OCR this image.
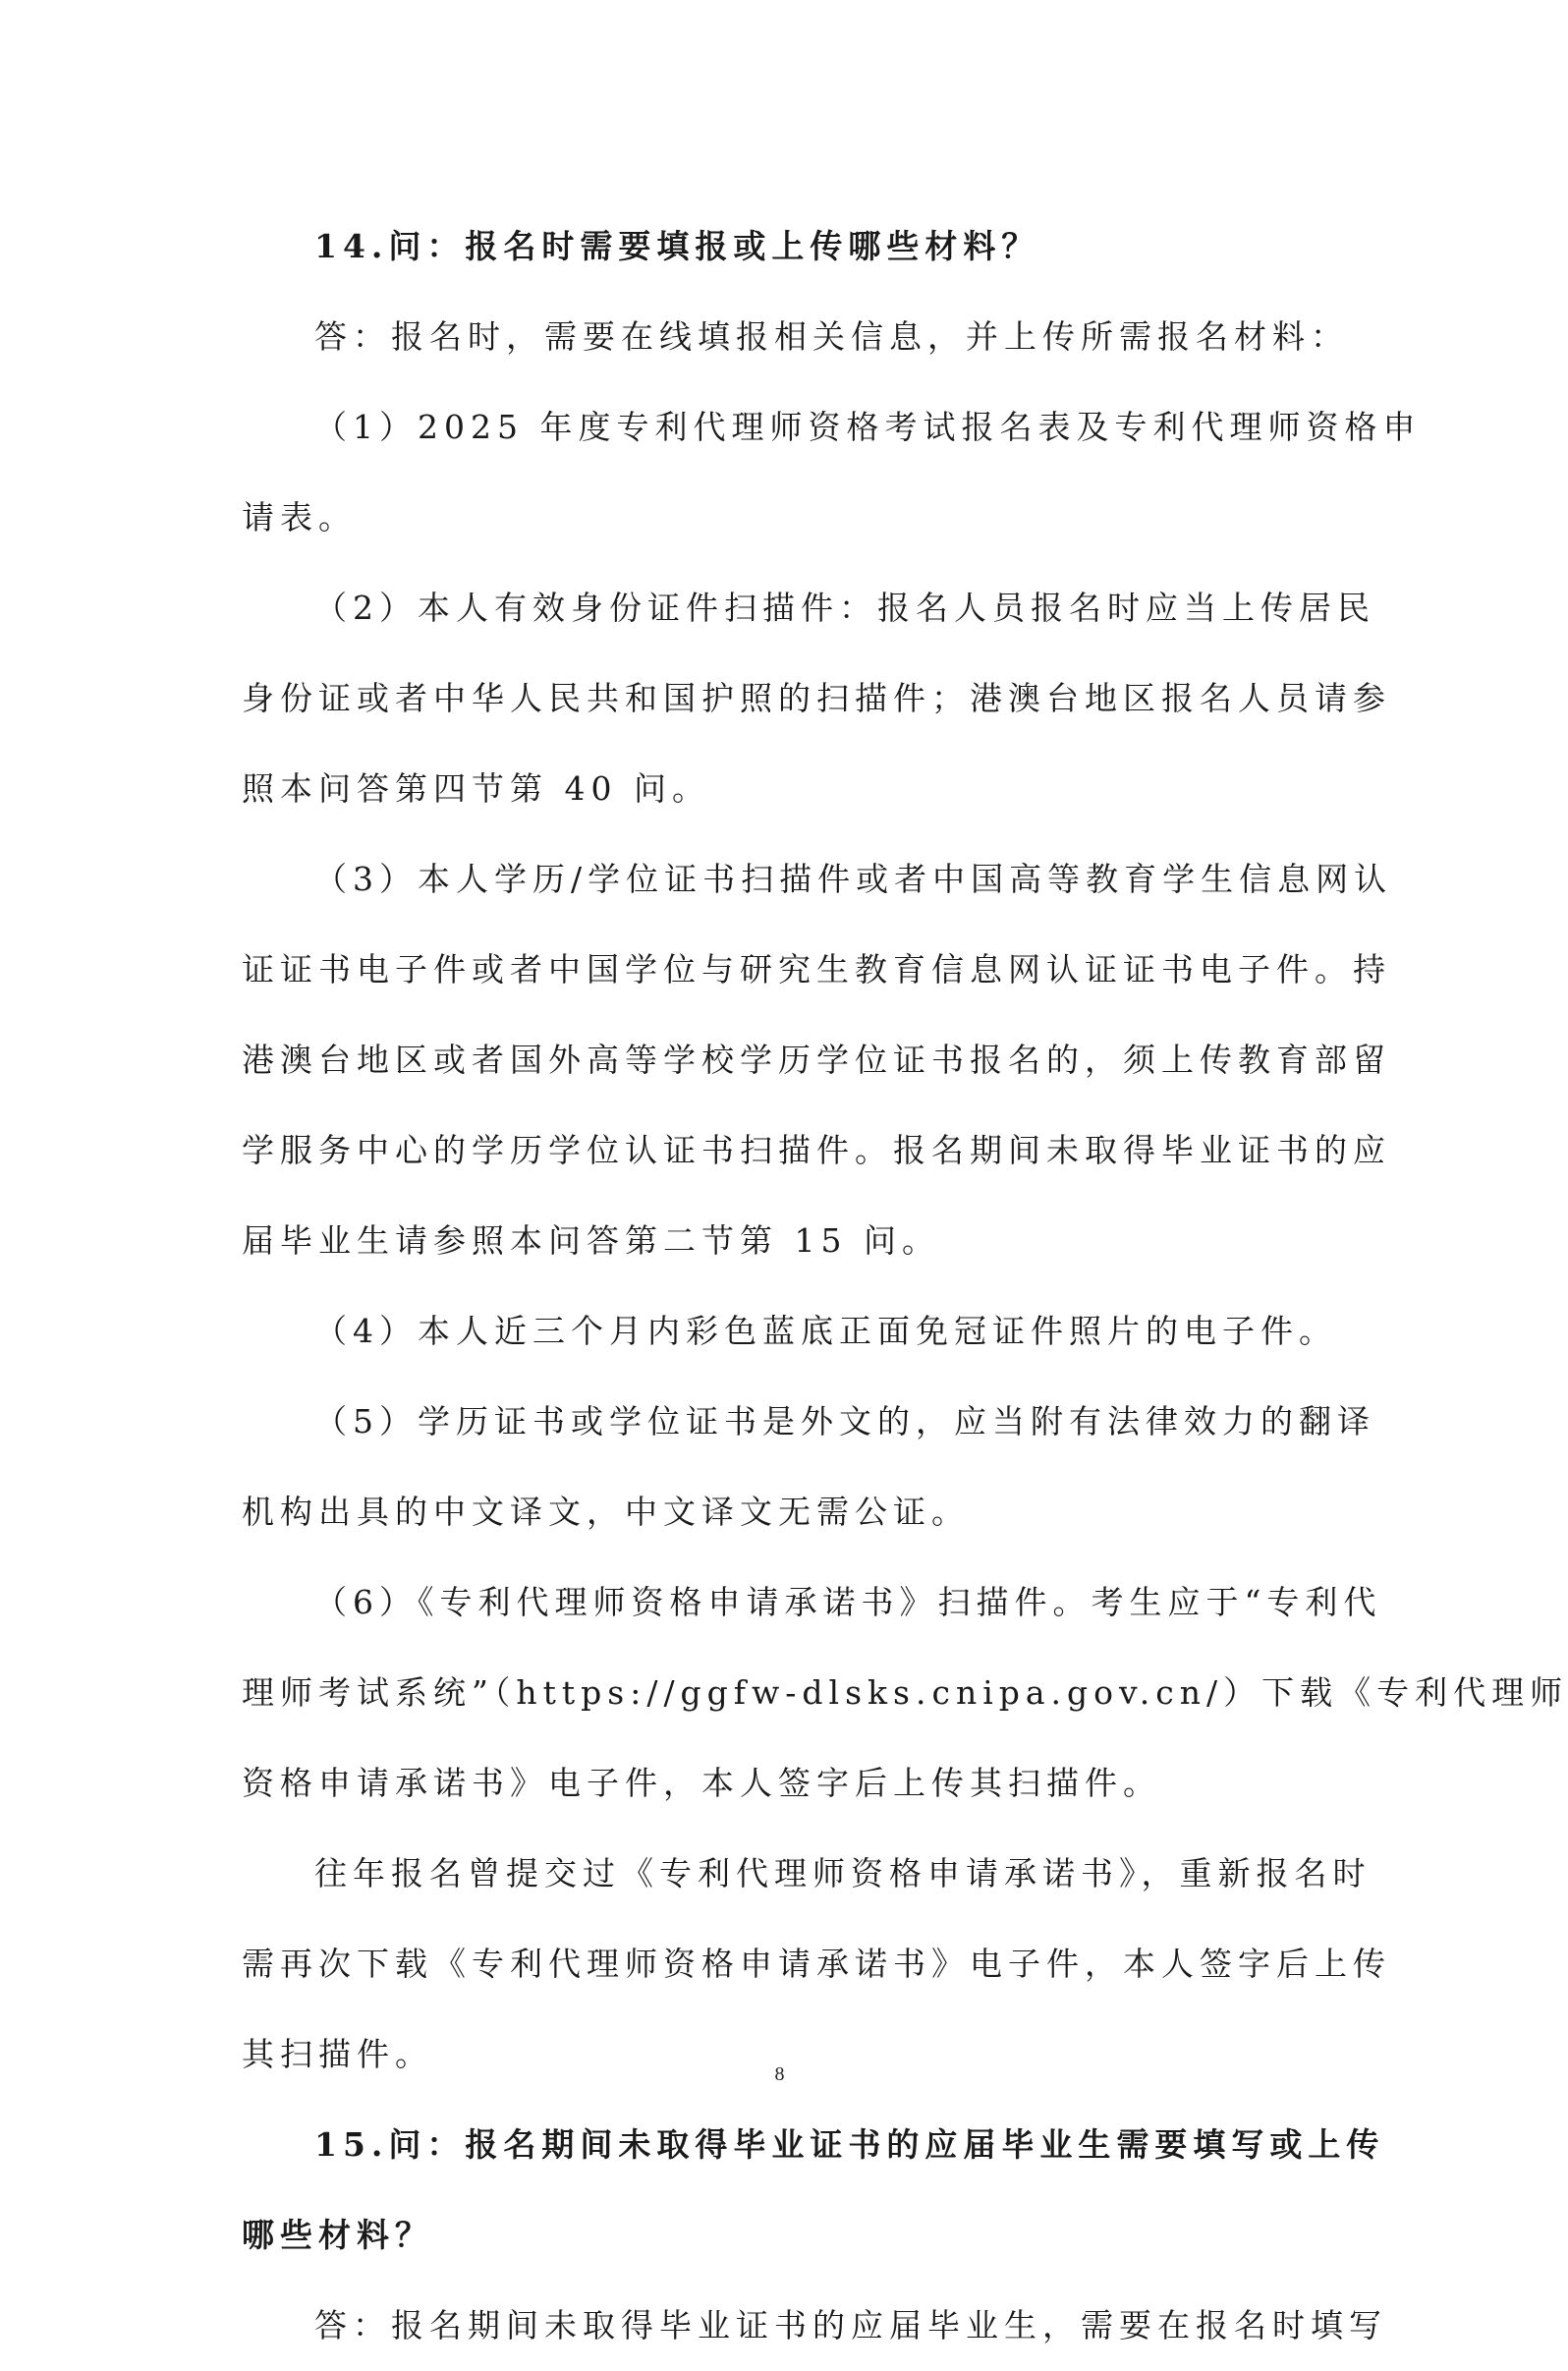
14.问：报名时需要填报或上传哪些材料？
答：报名时，需要在线填报相关信息，并上传所需报名材料：
（1）2025 年度专利代理师资格考试报名表及专利代理师资格申
请表。
（2）本人有效身份证件扫描件：报名人员报名时应当上传居民
身份证或者中华人民共和国护照的扫描件；港澳台地区报名人员请参
照本问答第四节第 40 问。
（3）本人学历/学位证书扫描件或者中国高等教育学生信息网认
证证书电子件或者中国学位与研究生教育信息网认证证书电子件。持
港澳台地区或者国外高等学校学历学位证书报名的，须上传教育部留
学服务中心的学历学位认证书扫描件。报名期间未取得毕业证书的应
届毕业生请参照本问答第二节第 15 问。
（4）本人近三个月内彩色蓝底正面免冠证件照片的电子件。
（5）学历证书或学位证书是外文的，应当附有法律效力的翻译
机构出具的中文译文，中文译文无需公证。
（6）《专利代理师资格申请承诺书》扫描件。考生应于“专利代
理师考试系统”（https://ggfw-dlsks.cnipa.gov.cn/）下载《专利代理师
资格申请承诺书》电子件，本人签字后上传其扫描件。
往年报名曾提交过《专利代理师资格申请承诺书》，重新报名时
需再次下载《专利代理师资格申请承诺书》电子件，本人签字后上传
其扫描件。
15.问：报名期间未取得毕业证书的应届毕业生需要填写或上传
哪些材料？
答：报名期间未取得毕业证书的应届毕业生，需要在报名时填写
8
